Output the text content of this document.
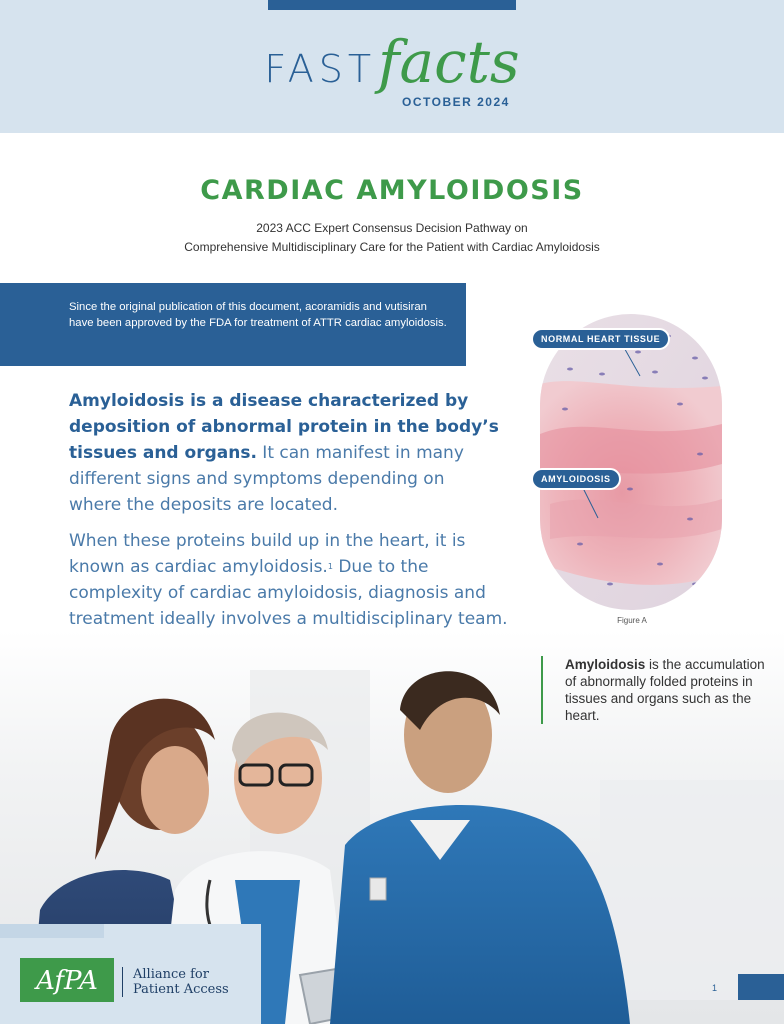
FASTfacts
OCTOBER 2024
CARDIAC AMYLOIDOSIS
2023 ACC Expert Consensus Decision Pathway on
Comprehensive Multidisciplinary Care for the Patient with Cardiac Amyloidosis
Since the original publication of this document, acoramidis and vutisiran have been approved by the FDA for treatment of ATTR cardiac amyloidosis.
Amyloidosis is a disease characterized by deposition of abnormal protein in the body’s tissues and organs. It can manifest in many different signs and symptoms depending on where the deposits are located.
When these proteins build up in the heart, it is known as cardiac amyloidosis.$^1$ Due to the complexity of cardiac amyloidosis, diagnosis and treatment ideally involves a multidisciplinary team.
NORMAL HEART TISSUE
AMYLOIDOSIS
Figure A
Amyloidosis is the accumulation of abnormally folded proteins in tissues and organs such as the heart.
AfPA	Alliance for
Patient Access	1
